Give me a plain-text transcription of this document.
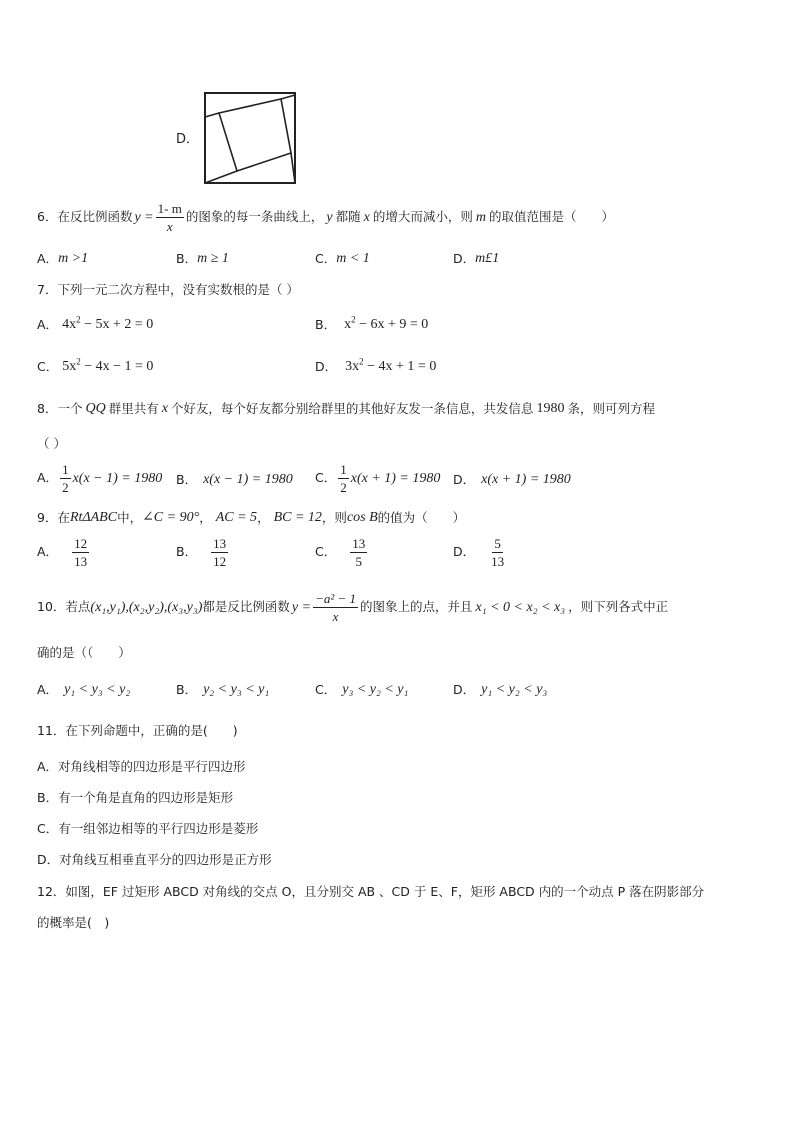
D．
6．在反比例函数 $y = \frac{1- m}{x}$ 的图象的每一条曲线上， y 都随 x 的增大而减小，则 m 的取值范围是（　　）
A． m >1	B． m ≥ 1	C． m < 1	D． m£1
7．下列一元二次方程中，没有实数根的是（ ）
A． $4x^2 - 5x + 2 = 0$	B． $x^2 - 6x + 9 = 0$
C． $5x^2 - 4x - 1 = 0$	D． $3x^2 - 4x + 1 = 0$
8．一个 QQ 群里共有 x 个好友，每个好友都分别给群里的其他好友发一条信息，共发信息 1980 条，则可列方程
（ ）
A． $\frac{1}{2} x(x - 1) = 1980$ B． x(x − 1) = 1980 C． $\frac{1}{2} x(x + 1) = 1980$ D． x(x + 1) = 1980
9．在 RtΔABC 中， ∠C = 90° ， AC = 5 ， BC = 12 ，则 cos B 的值为（　　）
A． $\frac{12}{13}$	B． $\frac{13}{12}$	C． $\frac{13}{5}$	D． $\frac{5}{13}$
10．若点 (x₁,y₁),(x₂,y₂),(x₃,y₃) 都是反比例函数 $y = \frac{\text{−a² − 1}}{x}$ 的图象上的点，并且 x₁ < 0 < x₂ < x₃ ，则下列各式中正
确的是（（　　）
A． y₁ < y₃ < y₂	B． y₂ < y₃ < y₁	C． y₃ < y₂ < y₁	D． y₁ < y₂ < y₃
11．在下列命题中，正确的是(　　)
A．对角线相等的四边形是平行四边形
B．有一个角是直角的四边形是矩形
C．有一组邻边相等的平行四边形是菱形
D．对角线互相垂直平分的四边形是正方形
12．如图，EF 过矩形 ABCD 对角线的交点 O，且分别交 AB 、CD 于 E、F，矩形 ABCD 内的一个动点 P 落在阴影部分
的概率是(　)
